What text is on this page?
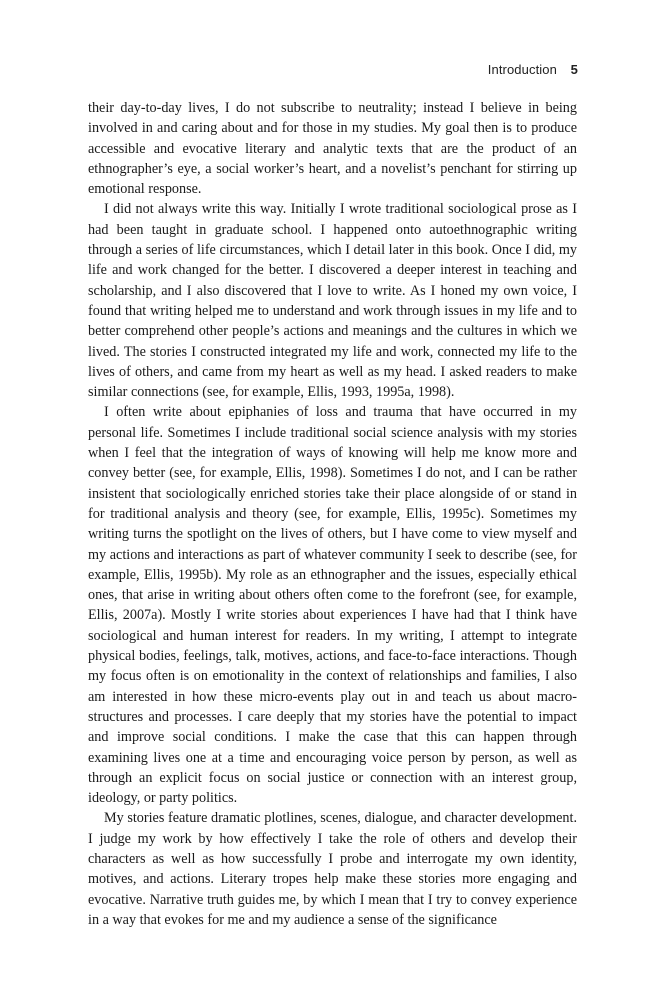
Introduction 5

their day-to-day lives, I do not subscribe to neutrality; instead I believe in being involved in and caring about and for those in my studies. My goal then is to produce accessible and evocative literary and analytic texts that are the product of an ethnographer’s eye, a social worker’s heart, and a novelist’s penchant for stirring up emotional response.

I did not always write this way. Initially I wrote traditional sociological prose as I had been taught in graduate school. I happened onto autoethnographic writing through a series of life circumstances, which I detail later in this book. Once I did, my life and work changed for the better. I discovered a deeper interest in teaching and scholarship, and I also discovered that I love to write. As I honed my own voice, I found that writing helped me to understand and work through issues in my life and to better comprehend other people’s actions and meanings and the cultures in which we lived. The stories I constructed integrated my life and work, connected my life to the lives of others, and came from my heart as well as my head. I asked readers to make similar connections (see, for example, Ellis, 1993, 1995a, 1998).

I often write about epiphanies of loss and trauma that have occurred in my personal life. Sometimes I include traditional social science analysis with my stories when I feel that the integration of ways of knowing will help me know more and convey better (see, for example, Ellis, 1998). Sometimes I do not, and I can be rather insistent that sociologically enriched stories take their place alongside of or stand in for traditional analysis and theory (see, for example, Ellis, 1995c). Sometimes my writing turns the spotlight on the lives of others, but I have come to view myself and my actions and interactions as part of whatever community I seek to describe (see, for example, Ellis, 1995b). My role as an ethnographer and the issues, especially ethical ones, that arise in writing about others often come to the forefront (see, for example, Ellis, 2007a). Mostly I write stories about experiences I have had that I think have sociological and human interest for readers. In my writing, I attempt to integrate physical bodies, feelings, talk, motives, actions, and face-to-face interactions. Though my focus often is on emotionality in the context of relationships and families, I also am interested in how these micro-events play out in and teach us about macro-structures and processes. I care deeply that my stories have the potential to impact and improve social conditions. I make the case that this can happen through examining lives one at a time and encouraging voice person by person, as well as through an explicit focus on social justice or connection with an interest group, ideology, or party politics.

My stories feature dramatic plotlines, scenes, dialogue, and character development. I judge my work by how effectively I take the role of others and develop their characters as well as how successfully I probe and interrogate my own identity, motives, and actions. Literary tropes help make these stories more engaging and evocative. Narrative truth guides me, by which I mean that I try to convey experience in a way that evokes for me and my audience a sense of the significance
